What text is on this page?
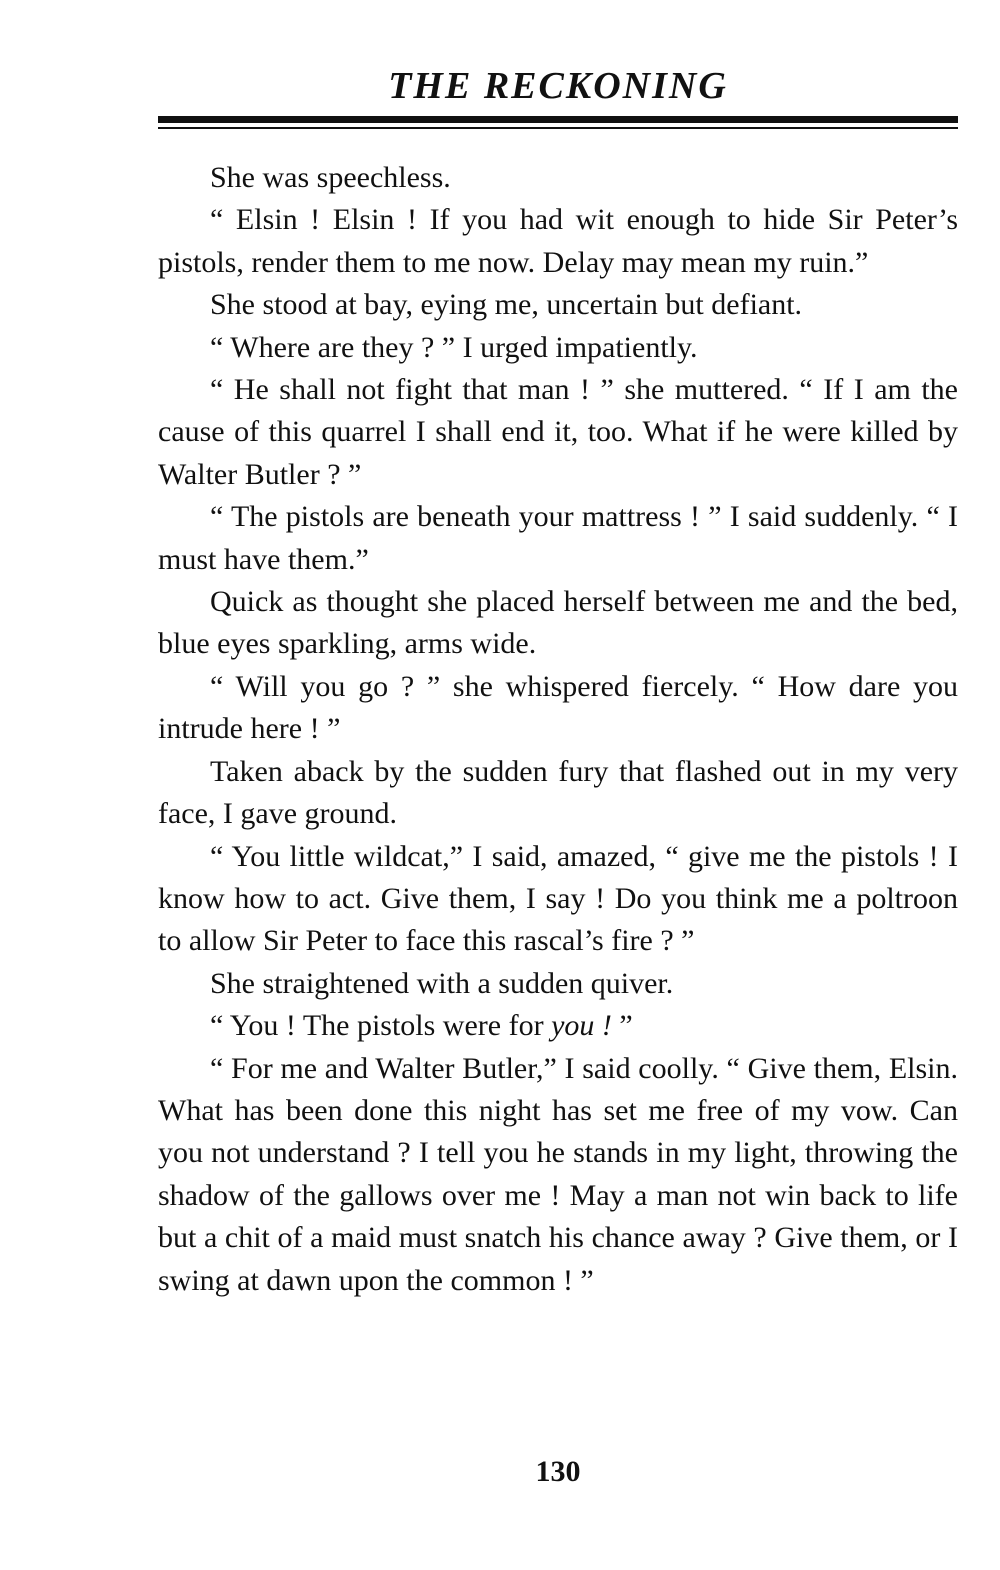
THE RECKONING

She was speechless.

“ Elsin ! Elsin ! If you had wit enough to hide Sir Peter’s pistols, render them to me now. Delay may mean my ruin.”

She stood at bay, eying me, uncertain but defiant.

“ Where are they ? ” I urged impatiently.

“ He shall not fight that man ! ” she muttered. “ If I am the cause of this quarrel I shall end it, too. What if he were killed by Walter Butler ? ”

“ The pistols are beneath your mattress ! ” I said suddenly. “ I must have them.”

Quick as thought she placed herself between me and the bed, blue eyes sparkling, arms wide.

“ Will you go ? ” she whispered fiercely. “ How dare you intrude here ! ”

Taken aback by the sudden fury that flashed out in my very face, I gave ground.

“ You little wildcat,” I said, amazed, “ give me the pistols ! I know how to act. Give them, I say ! Do you think me a poltroon to allow Sir Peter to face this rascal’s fire ? ”

She straightened with a sudden quiver.

“ You ! The pistols were for you ! ”

“ For me and Walter Butler,” I said coolly. “ Give them, Elsin. What has been done this night has set me free of my vow. Can you not understand ? I tell you he stands in my light, throwing the shadow of the gallows over me ! May a man not win back to life but a chit of a maid must snatch his chance away ? Give them, or I swing at dawn upon the common ! ”

130
